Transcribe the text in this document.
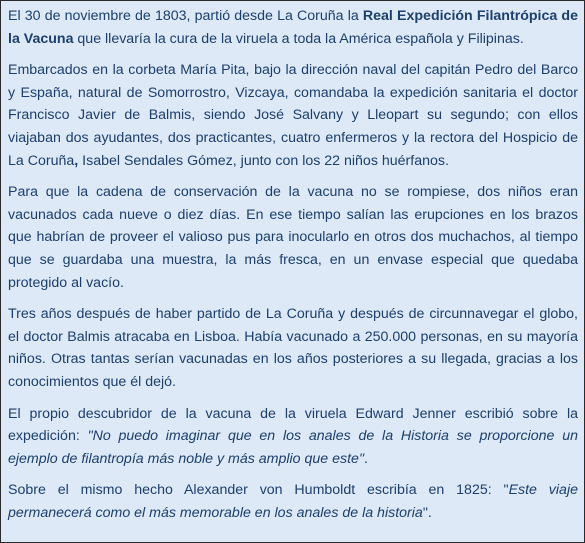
El 30 de noviembre de 1803, partió desde La Coruña la Real Expedición Filantrópica de la Vacuna que llevaría la cura de la viruela a toda la América española y Filipinas.

Embarcados en la corbeta María Pita, bajo la dirección naval del capitán Pedro del Barco y España, natural de Somorrostro, Vizcaya, comandaba la expedición sanitaria el doctor Francisco Javier de Balmis, siendo José Salvany y Lleopart su segundo; con ellos viajaban dos ayudantes, dos practicantes, cuatro enfermeros y la rectora del Hospicio de La Coruña, Isabel Sendales Gómez, junto con los 22 niños huérfanos.

Para que la cadena de conservación de la vacuna no se rompiese, dos niños eran vacunados cada nueve o diez días. En ese tiempo salían las erupciones en los brazos que habrían de proveer el valioso pus para inocularlo en otros dos muchachos, al tiempo que se guardaba una muestra, la más fresca, en un envase especial que quedaba protegido al vacío.

Tres años después de haber partido de La Coruña y después de circunnavegar el globo, el doctor Balmis atracaba en Lisboa. Había vacunado a 250.000 personas, en su mayoría niños. Otras tantas serían vacunadas en los años posteriores a su llegada, gracias a los conocimientos que él dejó.

El propio descubridor de la vacuna de la viruela Edward Jenner escribió sobre la expedición: "No puedo imaginar que en los anales de la Historia se proporcione un ejemplo de filantropía más noble y más amplio que este".

Sobre el mismo hecho Alexander von Humboldt escribía en 1825: "Este viaje permanecerá como el más memorable en los anales de la historia".
